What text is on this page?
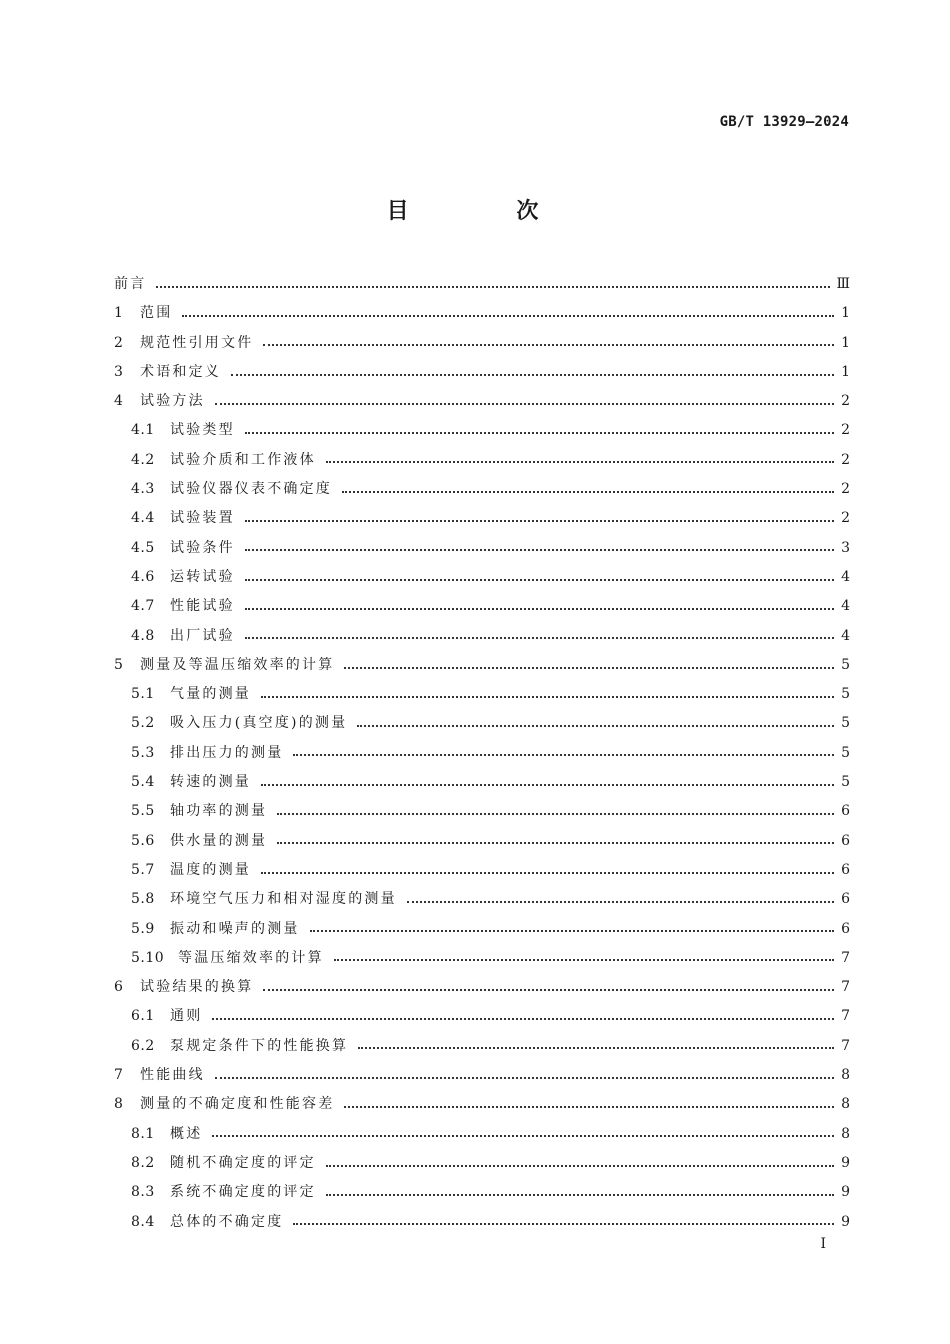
GB/T 13929—2024
目 次
前言	Ⅲ
1	范围	1
2	规范性引用文件	1
3	术语和定义	1
4	试验方法	2
4.1	试验类型	2
4.2	试验介质和工作液体	2
4.3	试验仪器仪表不确定度	2
4.4	试验装置	2
4.5	试验条件	3
4.6	运转试验	4
4.7	性能试验	4
4.8	出厂试验	4
5	测量及等温压缩效率的计算	5
5.1	气量的测量	5
5.2	吸入压力(真空度)的测量	5
5.3	排出压力的测量	5
5.4	转速的测量	5
5.5	轴功率的测量	6
5.6	供水量的测量	6
5.7	温度的测量	6
5.8	环境空气压力和相对湿度的测量	6
5.9	振动和噪声的测量	6
5.10 等温压缩效率的计算	7
6	试验结果的换算	7
6.1	通则	7
6.2	泵规定条件下的性能换算	7
7	性能曲线	8
8	测量的不确定度和性能容差	8
8.1	概述	8
8.2	随机不确定度的评定	9
8.3	系统不确定度的评定	9
8.4	总体的不确定度	9
I
